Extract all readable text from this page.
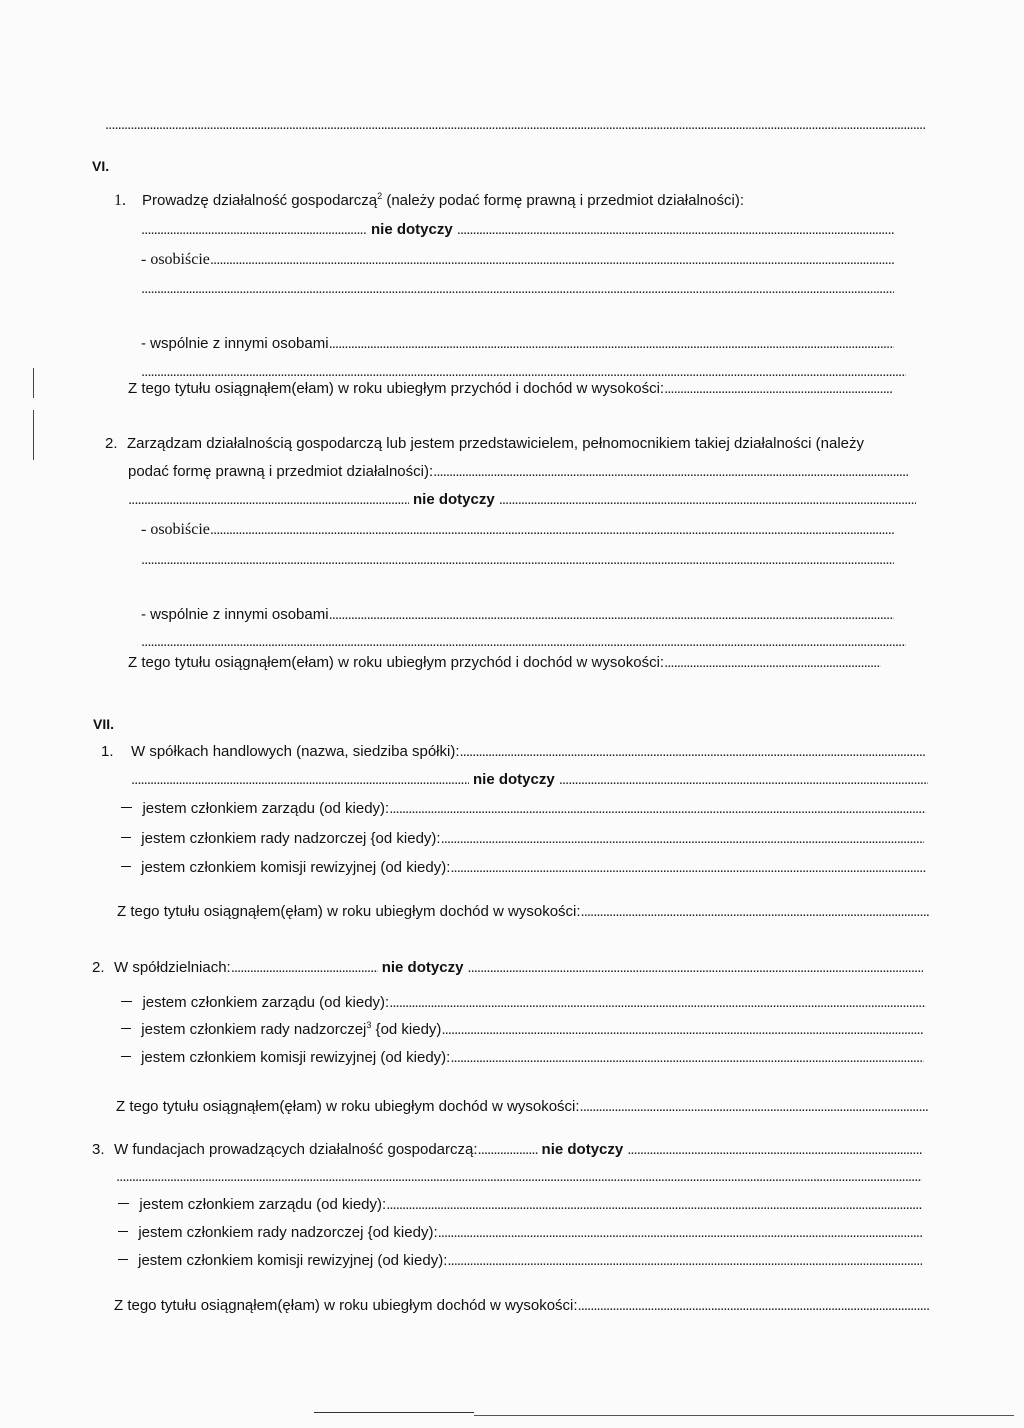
.....
VI.
1.	Prowadzę działalność gospodarczą$^2$ (należy podać formę prawną i przedmiot działalności):
.....
nie dotyczy
.....
- osobiście
.....
.....
- wspólnie z innymi osobami
.....
.....
Z tego tytułu osiągnąłem(ełam) w roku ubiegłym przychód i dochód w wysokości:
.....
2. Zarządzam działalnością gospodarczą lub jestem przedstawicielem, pełnomocnikiem takiej działalności (należy
podać formę prawną i przedmiot działalności):
.....
.....
nie dotyczy
.....
- osobiście
.....
.....
- wspólnie z innymi osobami
.....
.....
Z tego tytułu osiągnąłem(ełam) w roku ubiegłym przychód i dochód w wysokości:
.....
VII.
1.	W spółkach handlowych (nazwa, siedziba spółki):
.....
.....
nie dotyczy
.....
jestem członkiem zarządu (od kiedy):
.....
jestem członkiem rady nadzorczej {od kiedy):
.....
jestem członkiem komisji rewizyjnej (od kiedy):
.....
Z tego tytułu osiągnąłem(ęłam) w roku ubiegłym dochód w wysokości:
.....
2. W spółdzielniach: .....	nie dotyczy
.....
jestem członkiem zarządu (od kiedy):
.....
jestem członkiem rady nadzorczej$^3$ {od kiedy)
.....
jestem członkiem komisji rewizyjnej (od kiedy):
.....
Z tego tytułu osiągnąłem(ęłam) w roku ubiegłym dochód w wysokości:
.....
3. W fundacjach prowadzących działalność gospodarczą: .....	nie dotyczy
.....
.....
jestem członkiem zarządu (od kiedy):
.....
jestem członkiem rady nadzorczej {od kiedy):
.....
jestem członkiem komisji rewizyjnej (od kiedy):
.....
Z tego tytułu osiągnąłem(ęłam) w roku ubiegłym dochód w wysokości:
.....
